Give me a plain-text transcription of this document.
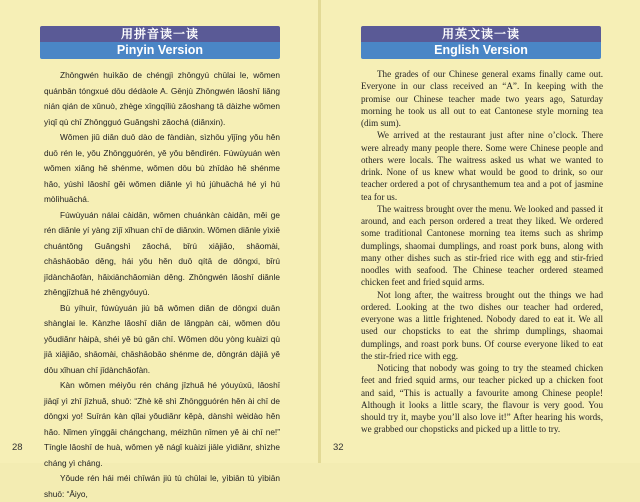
用拼音读一读
Pinyin Version

Zhōngwén huìkǎo de chéngjì zhōngyú chūlai le, wǒmen quánbān tóngxué dōu dédàole A. Gēnjù Zhōngwén lǎoshī liǎng nián qián de xǔnuò, zhège xīngqīliù zǎoshang tā dàizhe wǒmen yìqǐ qù chī Zhōngguó Guǎngshì zǎochá (diǎnxin).

Wǒmen jiǔ diǎn duō dào de fàndiàn, sìzhōu yǐjīng yǒu hěn duō rén le, yǒu Zhōngguórén, yě yǒu běndìrén. Fúwùyuán wèn wǒmen xiǎng hē shénme, wǒmen dōu bù zhīdào hē shénme hǎo, yúshì lǎoshī gěi wǒmen diǎnle yì hú júhuāchá hé yì hú mòlìhuāchá.

Fúwùyuán nálai càidān, wǒmen chuánkàn càidān, měi ge rén diǎnle yí yàng zìjǐ xǐhuan chī de diǎnxin. Wǒmen diǎnle yìxiē chuántǒng Guǎngshì zǎochá, bǐrú xiājiǎo, shāomài, chāshāobāo děng, hái yǒu hěn duō qítā de dōngxi, bǐrú jīdànchǎofàn, hǎixiānchǎomiàn děng. Zhōngwén lǎoshī diǎnle zhēngjīzhuǎ hé zhēngyóuyú.

Bù yíhuìr, fúwùyuán jiù bǎ wǒmen diǎn de dōngxi duān shànglai le. Kànzhe lǎoshī diǎn de lǎngpàn cài, wǒmen dōu yǒudiǎnr hàipà, shéi yě bù gǎn chī. Wǒmen dōu yòng kuàizi qù jiā xiājiǎo, shāomài, chāshāobāo shénme de, dōngrán dàjiā yě dōu xǐhuan chī jīdànchǎofàn.

Kàn wǒmen méiyǒu rén cháng jīzhuǎ hé yóuyúxū, lǎoshī jiāqǐ yì zhī jīzhuǎ, shuō: “Zhè kě shì Zhōngguórén hěn ài chī de dōngxi yo! Suīrán kàn qǐlai yǒudiǎnr kěpà, dànshì wèidào hěn hǎo. Nǐmen yīnggāi chángchang, méizhǔn nǐmen yě ài chī ne!” Tīngle lǎoshī de huà, wǒmen yě nágǐ kuàizi jiāle yìdiǎnr, shìzhe cháng yì cháng.

Yǒude rén hái méi chīwán jiù tù chūlai le, yìbiān tù yìbiān shuō: “Āiyo,

28
用英文读一读
English Version

The grades of our Chinese general exams finally came out. Everyone in our class received an “A”. In keeping with the promise our Chinese teacher made two years ago, Saturday morning he took us all out to eat Cantonese style morning tea (dim sum).

We arrived at the restaurant just after nine o’clock. There were already many people there. Some were Chinese people and others were locals. The waitress asked us what we wanted to drink. None of us knew what would be good to drink, so our teacher ordered a pot of chrysanthemum tea and a pot of jasmine tea for us.

The waitress brought over the menu. We looked and passed it around, and each person ordered a treat they liked. We ordered some traditional Cantonese morning tea items such as shrimp dumplings, shaomai dumplings, and roast pork buns, along with many other dishes such as stir-fried rice with egg and stir-fried noodles with seafood. The Chinese teacher ordered steamed chicken feet and fried squid arms.

Not long after, the waitress brought out the things we had ordered. Looking at the two dishes our teacher had ordered, everyone was a little frightened. Nobody dared to eat it. We all used our chopsticks to eat the shrimp dumplings, shaomai dumplings, and roast pork buns. Of course everyone liked to eat the stir-fried rice with egg.

Noticing that nobody was going to try the steamed chicken feet and fried squid arms, our teacher picked up a chicken foot and said, “This is actually a favourite among Chinese people! Although it looks a little scary, the flavour is very good. You should try it, maybe you’ll also love it!” After hearing his words, we grabbed our chopsticks and picked up a little to try.

32
